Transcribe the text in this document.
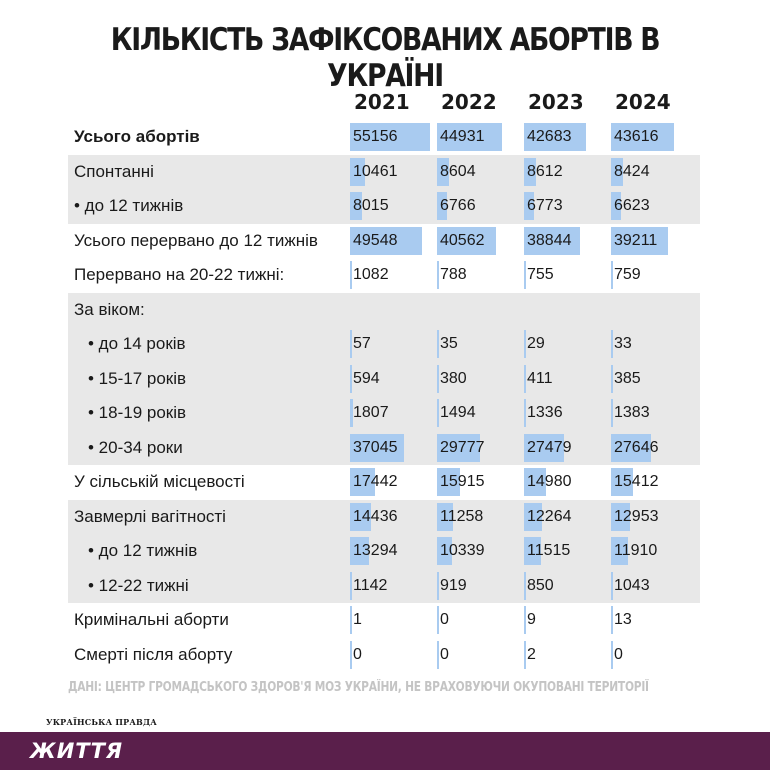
КІЛЬКІСТЬ ЗАФІКСОВАНИХ АБОРТІВ В УКРАЇНІ
2021 2022 2023 2024
Усього абортів	55156	44931	42683	43616
Спонтанні	10461	8604	8612	8424
• до 12 тижнів	8015	6766	6773	6623
Усього перервано до 12 тижнів 49548	40562	38844	39211
Перервано на 20-22 тижні:	1082	788	755	759
За віком:
• до 14 років	57	35	29	33
• 15-17 років	594	380	411	385
• 18-19 років	1807	1494	1336	1383
• 20-34 роки	37045	29777	27479	27646
У сільській місцевості	17442	15915	14980	15412
Завмерлі вагітності	14436	11258	12264	12953
• до 12 тижнів	13294	10339	11515	11910
• 12-22 тижні	1142	919	850	1043
Кримінальні аборти	1	0	9	13
Смерті після аборту	0	0	2	0
ДАНІ: ЦЕНТР ГРОМАДСЬКОГО ЗДОРОВ'Я МОЗ УКРАЇНИ, НЕ ВРАХОВУЮЧИ ОКУПОВАНІ ТЕРИТОРІЇ
УКРАЇНСЬКА ПРАВДА
ЖИТТЯ
